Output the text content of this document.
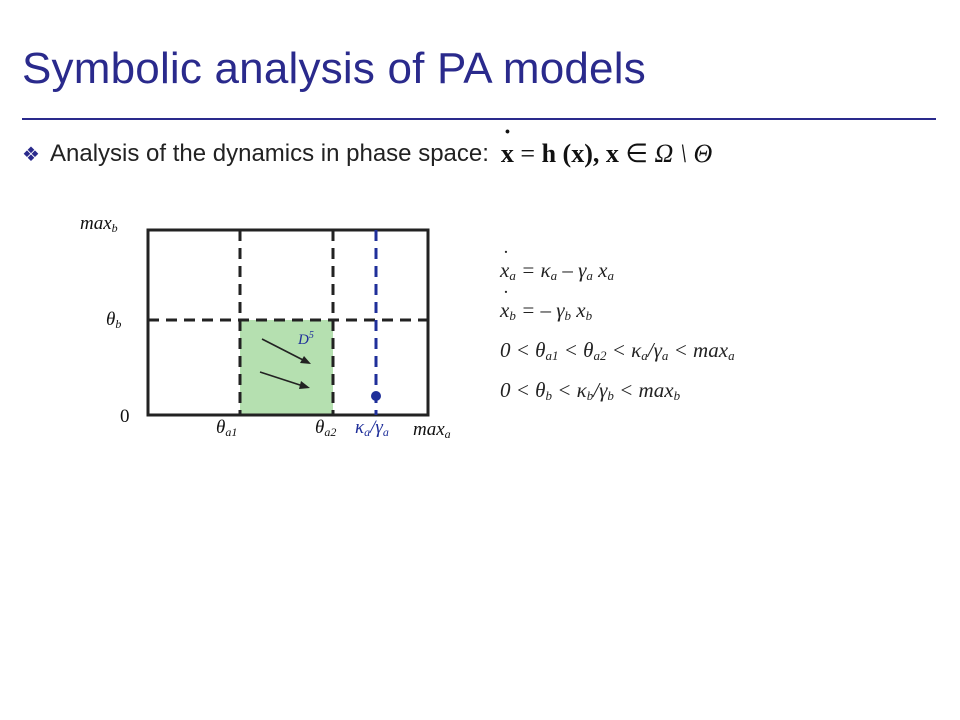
Symbolic analysis of PA models
❖ Analysis of the dynamics in phase space:
˙ x = h (x), x ∈ Ω \ Θ
$\max_b$
$\theta_b$
0
$\theta_{a1}$	$\theta_{a2}$ $\kappa_a/\gamma_a$ $\max_a$
$D^5$
˙ $x_a = \kappa_a - \gamma_a$ $x_a$
˙ $x_b$ = – $\gamma_b$ $x_b$
$0 < \theta_{a1} < \theta_{a2} < \kappa_a/\gamma_a < \max_a$
$0 < \theta_b < \kappa_b/\gamma_b < \max_b$
